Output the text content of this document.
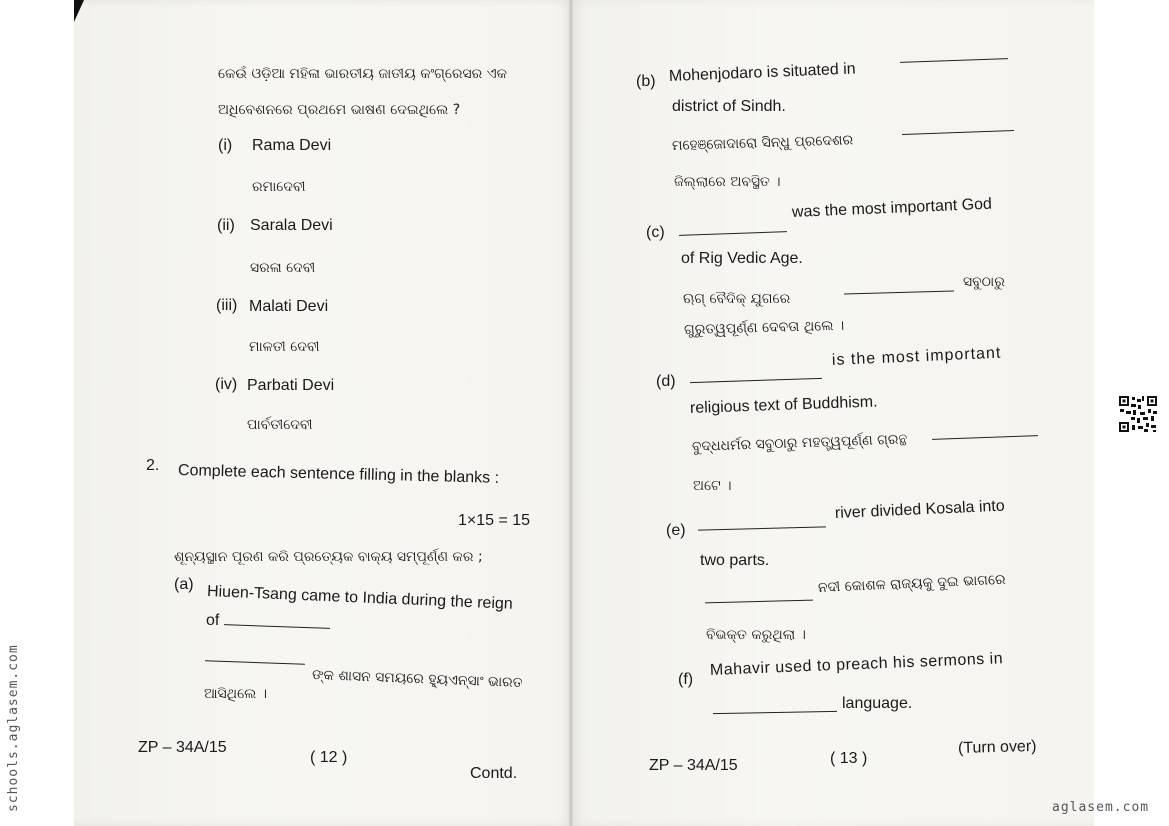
କେଉଁ ଓଡ଼ିଆ ମହିଳା ଭାରତୀୟ ଜାତୀୟ କଂଗ୍ରେସର ଏକ
ଅଧିବେଶନରେ ପ୍ରଥମେ ଭାଷଣ ଦେଇଥିଲେ ?
(i) Rama Devi
ରମାଦେବୀ
(ii) Sarala Devi
ସରଳା ଦେବୀ
(iii) Malati Devi
ମାଳତୀ ଦେବୀ
(iv) Parbati Devi
ପାର୍ବତୀଦେବୀ
2. Complete each sentence filling in the blanks :
1×15 = 15
ଶୂନ୍ୟସ୍ଥାନ ପୂରଣ କରି ପ୍ରତ୍ୟେକ ବାକ୍ୟ ସମ୍ପୂର୍ଣ୍ଣ କର ;
(a) Hiuen-Tsang came to India during the reign
of
ଙ୍କ ଶାସନ ସମୟରେ ହ୍ୟୁଏନ୍‌ସାଂ ଭାରତ
ଆସିଥିଲେ ।
ZP – 34A/15
( 12 )
Contd.
(b) Mohenjodaro is situated in
district of Sindh.
ମହେଞ୍ଜୋଦାରୋ ସିନ୍ଧୁ ପ୍ରଦେଶର
ଜିଲ୍ଲାରେ ଅବସ୍ଥିତ ।
(c)
was the most important God
of Rig Vedic Age.
ଋଗ୍ ବୈଦିକ୍ ଯୁଗରେ
ସବୁଠାରୁ
ଗୁରୁତ୍ୱପୂର୍ଣ୍ଣ ଦେବତା ଥିଲେ ।
(d)
is the most important
religious text of Buddhism.
ବୁଦ୍ଧଧର୍ମର ସବୁଠାରୁ ମହତ୍ତ୍ୱପୂର୍ଣ୍ଣ ଗ୍ରନ୍ଥ
ଅଟେ ।
(e)
river divided Kosala into
two parts.
ନଦୀ କୋଶଳ ରାଜ୍ୟକୁ ଦୁଇ ଭାଗରେ
ବିଭକ୍ତ କରୁଥିଲା ।
(f)
Mahavir used to preach his sermons in
language.
ZP – 34A/15	( 13 )
(Turn over)
schools.aglasem.com	aglasem.com
